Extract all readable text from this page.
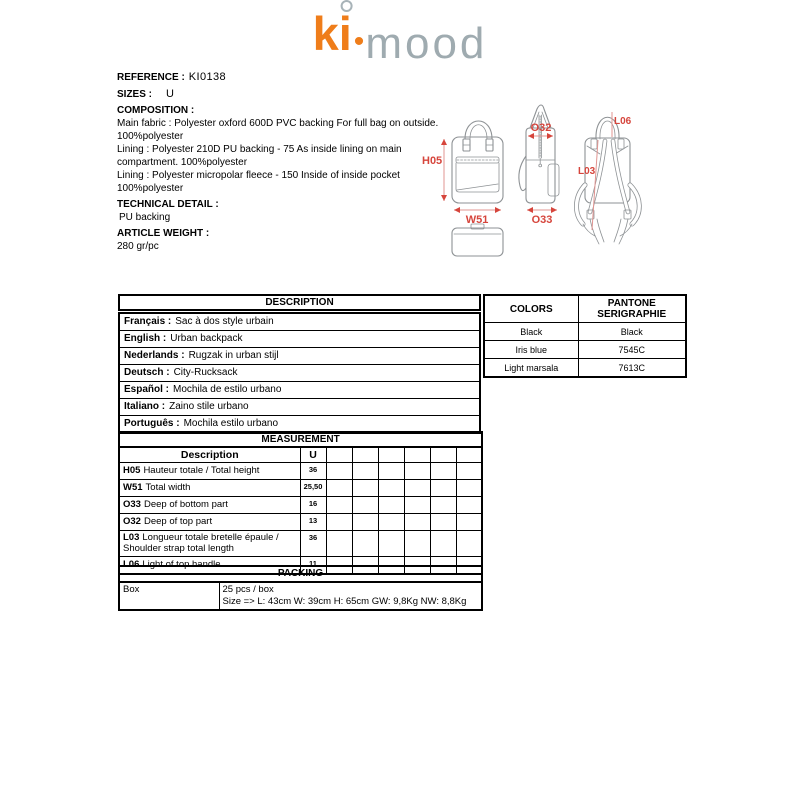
ki•mood
REFERENCE : KI0138
SIZES : U
COMPOSITION :

Main fabric : Polyester oxford 600D PVC backing For full bag on outside. 100%polyester

Lining : Polyester 210D PU backing - 75 As inside lining on main compartment. 100%polyester

Lining : Polyester micropolar fleece - 150 Inside of inside pocket 100%polyester

TECHNICAL DETAIL :
PU backing
ARTICLE WEIGHT :
280 gr/pc
H05
W51
O32
O33
L06
L03
DESCRIPTION
Français : Sac à dos style urbain
English : Urban backpack
Nederlands : Rugzak in urban stijl
Deutsch : City-Rucksack
Español : Mochila de estilo urbano
Italiano : Zaino stile urbano
Português : Mochila estilo urbano
COLORS	PANTONE SERIGRAPHIE
Black	Black
Iris blue	7545C
Light marsala	7613C
MEASUREMENT							
Description	U						
H05 Hauteur totale / Total height	36						
W51 Total width	25,50						
O33 Deep of bottom part	16						
O32 Deep of top part	13						
L03 Longueur totale bretelle épaule / Shoulder strap total length	36						
L06 Light of top handle	11						
PACKING
Box	25 pcs / box
Size => L: 43cm W: 39cm H: 65cm GW: 9,8Kg NW: 8,8Kg
